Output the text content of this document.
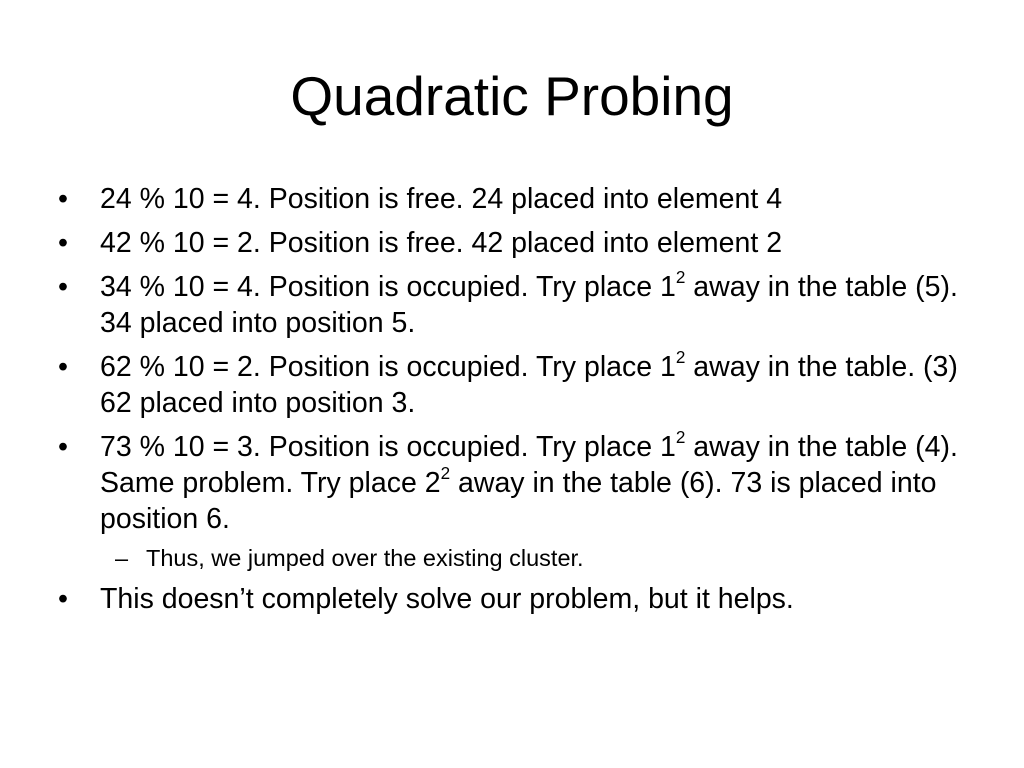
Quadratic Probing
•	24 % 10 = 4. Position is free. 24 placed into element 4
•	42 % 10 = 2. Position is free. 42 placed into element 2
•	34 % 10 = 4. Position is occupied. Try place $1^2$ away in the table (5). 34 placed into position 5.
•	62 % 10 = 2. Position is occupied. Try place $1^2$ away in the table. (3) 62 placed into position 3.
•	73 % 10 = 3. Position is occupied. Try place $1^2$ away in the table (4). Same problem. Try place $2^2$ away in the table (6). 73 is placed into position 6.
– Thus, we jumped over the existing cluster.
•	This doesn’t completely solve our problem, but it helps.
